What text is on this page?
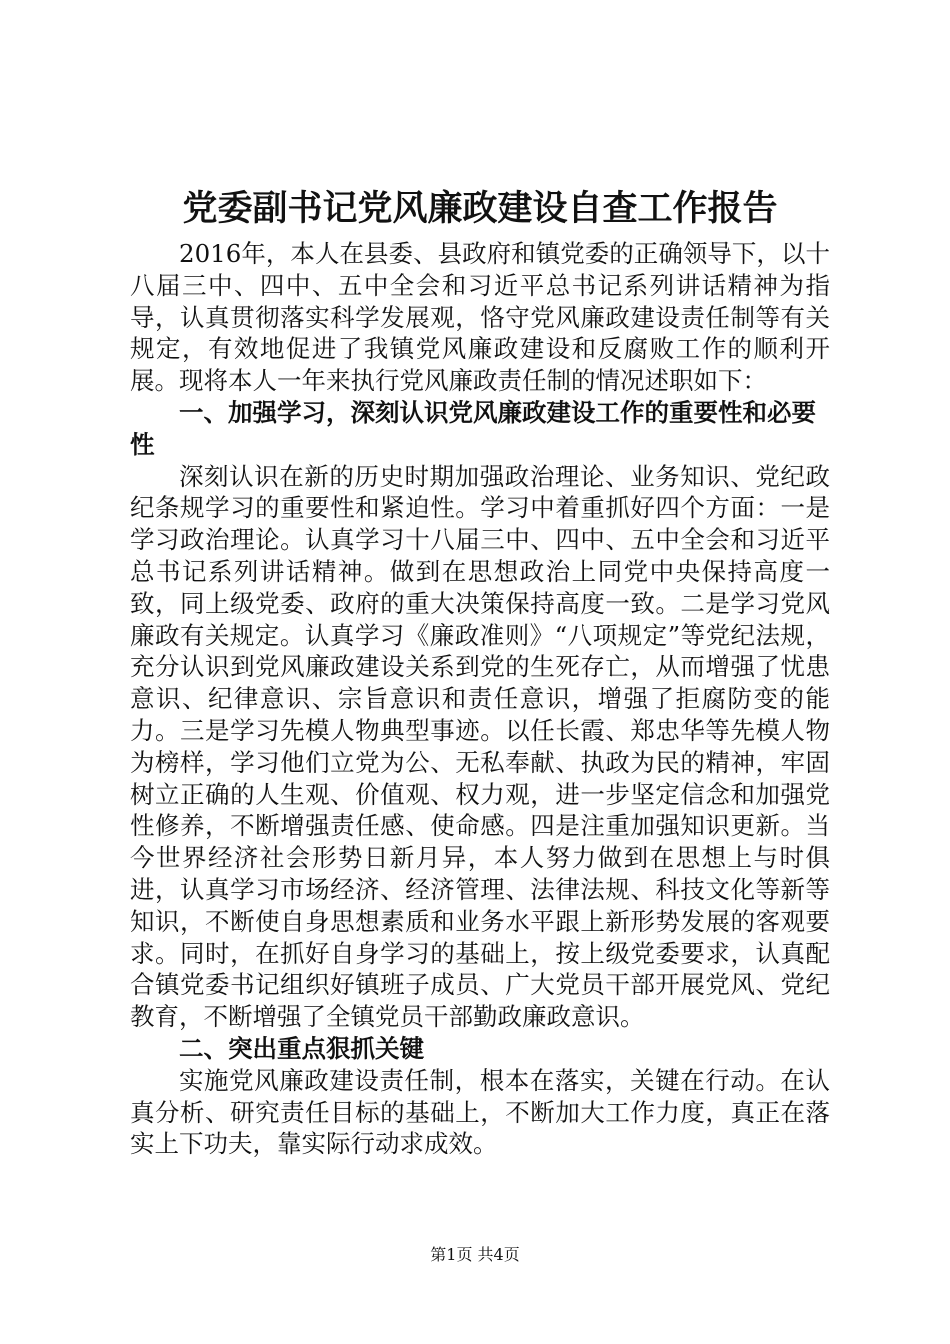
党委副书记党风廉政建设自查工作报告

2016年，本人在县委、县政府和镇党委的正确领导下，以十八届三中、四中、五中全会和习近平总书记系列讲话精神为指导，认真贯彻落实科学发展观，恪守党风廉政建设责任制等有关规定，有效地促进了我镇党风廉政建设和反腐败工作的顺利开展。现将本人一年来执行党风廉政责任制的情况述职如下：

一、加强学习，深刻认识党风廉政建设工作的重要性和必要性

深刻认识在新的历史时期加强政治理论、业务知识、党纪政纪条规学习的重要性和紧迫性。学习中着重抓好四个方面：一是学习政治理论。认真学习十八届三中、四中、五中全会和习近平总书记系列讲话精神。做到在思想政治上同党中央保持高度一致，同上级党委、政府的重大决策保持高度一致。二是学习党风廉政有关规定。认真学习《廉政准则》“八项规定”等党纪法规，充分认识到党风廉政建设关系到党的生死存亡，从而增强了忧患意识、纪律意识、宗旨意识和责任意识，增强了拒腐防变的能力。三是学习先模人物典型事迹。以任长霞、郑忠华等先模人物为榜样，学习他们立党为公、无私奉献、执政为民的精神，牢固树立正确的人生观、价值观、权力观，进一步坚定信念和加强党性修养，不断增强责任感、使命感。四是注重加强知识更新。当今世界经济社会形势日新月异，本人努力做到在思想上与时俱进，认真学习市场经济、经济管理、法律法规、科技文化等新等知识，不断使自身思想素质和业务水平跟上新形势发展的客观要求。同时，在抓好自身学习的基础上，按上级党委要求，认真配合镇党委书记组织好镇班子成员、广大党员干部开展党风、党纪教育，不断增强了全镇党员干部勤政廉政意识。

二、突出重点狠抓关键

实施党风廉政建设责任制，根本在落实，关键在行动。在认真分析、研究责任目标的基础上，不断加大工作力度，真正在落实上下功夫，靠实际行动求成效。

第1页 共4页
